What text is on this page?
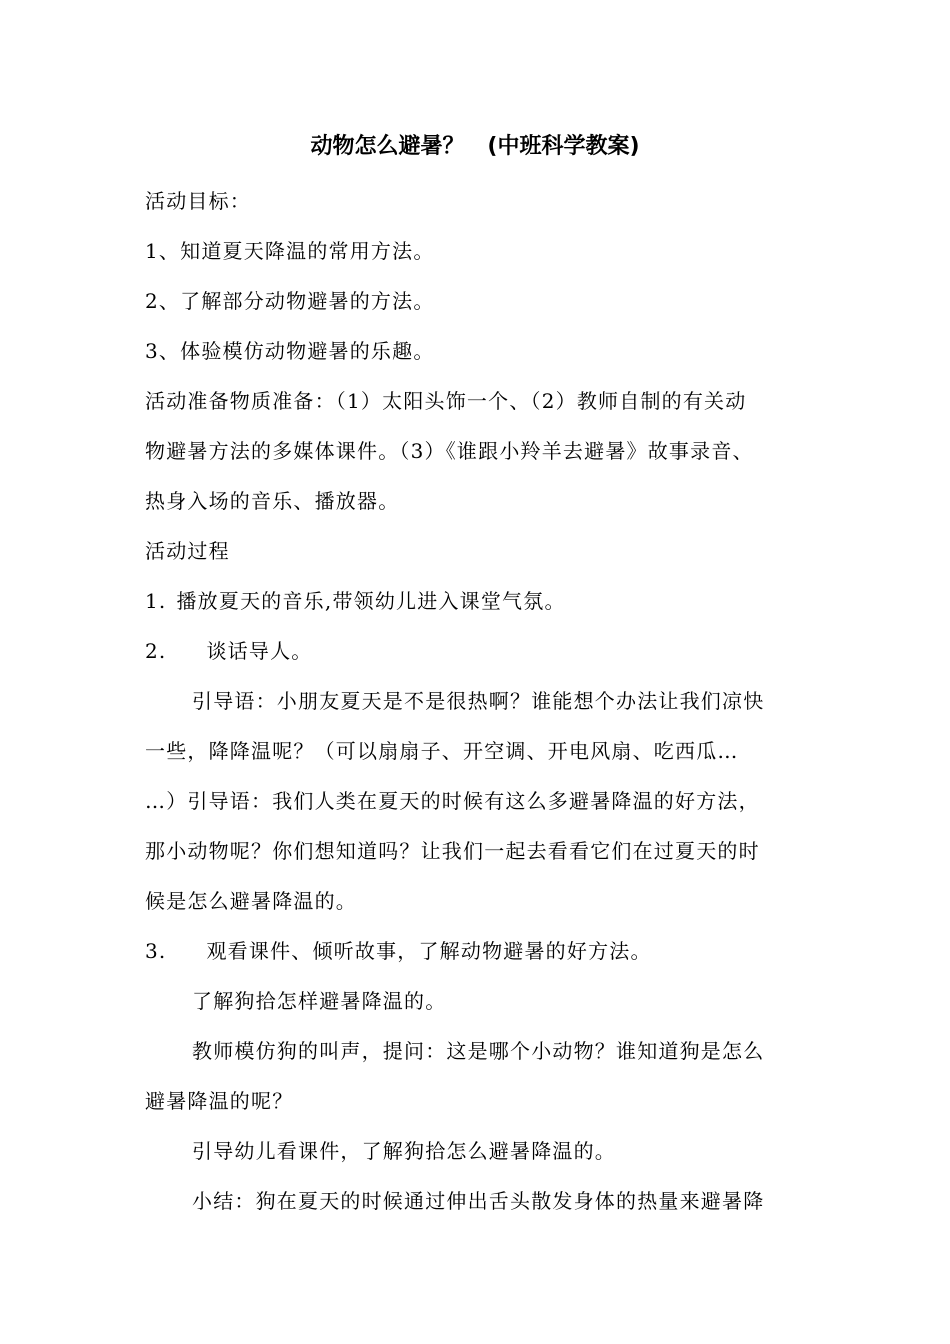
动物怎么避暑？   (中班科学教案)
活动目标：
1、知道夏天降温的常用方法。
2、了解部分动物避暑的方法。
3、体验模仿动物避暑的乐趣。
活动准备物质准备：（1）太阳头饰一个、（2）教师自制的有关动
物避暑方法的多媒体课件。（3）《谁跟小羚羊去避暑》故事录音、
热身入场的音乐、播放器。
活动过程
1. 播放夏天的音乐,带领幼儿进入课堂气氛。
2. 谈话导人。
引导语：小朋友夏天是不是很热啊？谁能想个办法让我们凉快
一些，降降温呢？（可以扇扇子、开空调、开电风扇、吃西瓜…
…）引导语：我们人类在夏天的时候有这么多避暑降温的好方法，
那小动物呢？你们想知道吗？让我们一起去看看它们在过夏天的时
候是怎么避暑降温的。
3. 观看课件、倾听故事，了解动物避暑的好方法。
了解狗拾怎样避暑降温的。
教师模仿狗的叫声，提问：这是哪个小动物？谁知道狗是怎么
避暑降温的呢？
引导幼儿看课件，了解狗拾怎么避暑降温的。
小结：狗在夏天的时候通过伸出舌头散发身体的热量来避暑降
